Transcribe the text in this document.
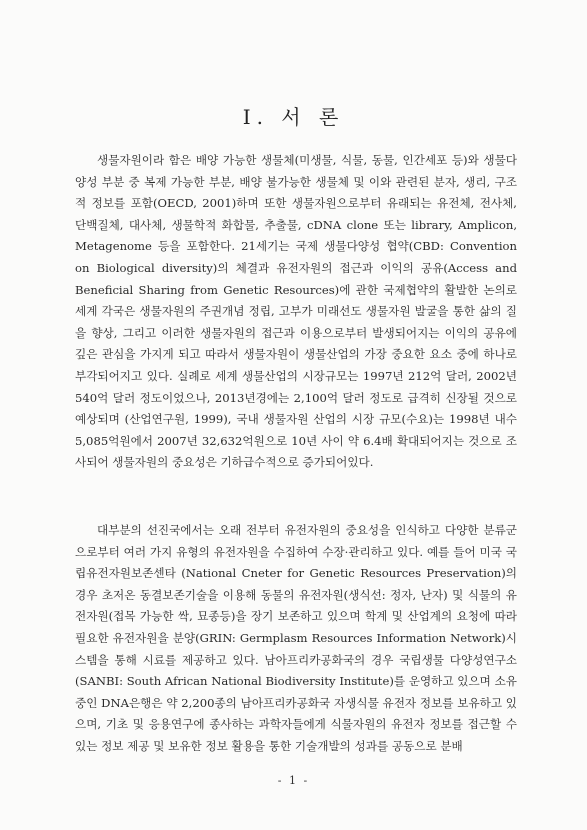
I. 서 론

생물자원이라 함은 배양 가능한 생물체(미생물, 식물, 동물, 인간세포 등)와 생물다양성 부분 중 복제 가능한 부분, 배양 불가능한 생물체 및 이와 관련된 분자, 생리, 구조적 정보를 포함(OECD, 2001)하며 또한 생물자원으로부터 유래되는 유전체, 전사체, 단백질체, 대사체, 생물학적 화합물, 추출물, cDNA clone 또는 library, Amplicon, Metagenome 등을 포함한다. 21세기는 국제 생물다양성 협약(CBD: Convention on Biological diversity)의 체결과 유전자원의 접근과 이익의 공유(Access and Beneficial Sharing from Genetic Resources)에 관한 국제협약의 활발한 논의로 세계 각국은 생물자원의 주권개념 정립, 고부가 미래선도 생물자원 발굴을 통한 삶의 질을 향상, 그리고 이러한 생물자원의 접근과 이용으로부터 발생되어지는 이익의 공유에 깊은 관심을 가지게 되고 따라서 생물자원이 생물산업의 가장 중요한 요소 중에 하나로 부각되어지고 있다. 실례로 세계 생물산업의 시장규모는 1997년 212억 달러, 2002년 540억 달러 정도이었으나, 2013년경에는 2,100억 달러 정도로 급격히 신장될 것으로 예상되며 (산업연구원, 1999), 국내 생물자원 산업의 시장 규모(수요)는 1998년 내수 5,085억원에서 2007년 32,632억원으로 10년 사이 약 6.4배 확대되어지는 것으로 조사되어 생물자원의 중요성은 기하급수적으로 증가되어있다.

대부분의 선진국에서는 오래 전부터 유전자원의 중요성을 인식하고 다양한 분류군으로부터 여러 가지 유형의 유전자원을 수집하여 수장·관리하고 있다. 예를 들어 미국 국립유전자원보존센타 (National Cneter for Genetic Resources Preservation)의 경우 초저온 동결보존기술을 이용해 동물의 유전자원(생식선: 정자, 난자) 및 식물의 유전자원(접목 가능한 싹, 묘종등)을 장기 보존하고 있으며 학계 및 산업계의 요청에 따라 필요한 유전자원을 분양(GRIN: Germplasm Resources Information Network)시스템을 통해 시료를 제공하고 있다. 남아프리카공화국의 경우 국립생물 다양성연구소 (SANBI: South African National Biodiversity Institute)를 운영하고 있으며 소유중인 DNA은행은 약 2,200종의 남아프리카공화국 자생식물 유전자 정보를 보유하고 있으며, 기초 및 응용연구에 종사하는 과학자들에게 식물자원의 유전자 정보를 접근할 수 있는 정보 제공 및 보유한 정보 활용을 통한 기술개발의 성과를 공동으로 분배

- 1 -
